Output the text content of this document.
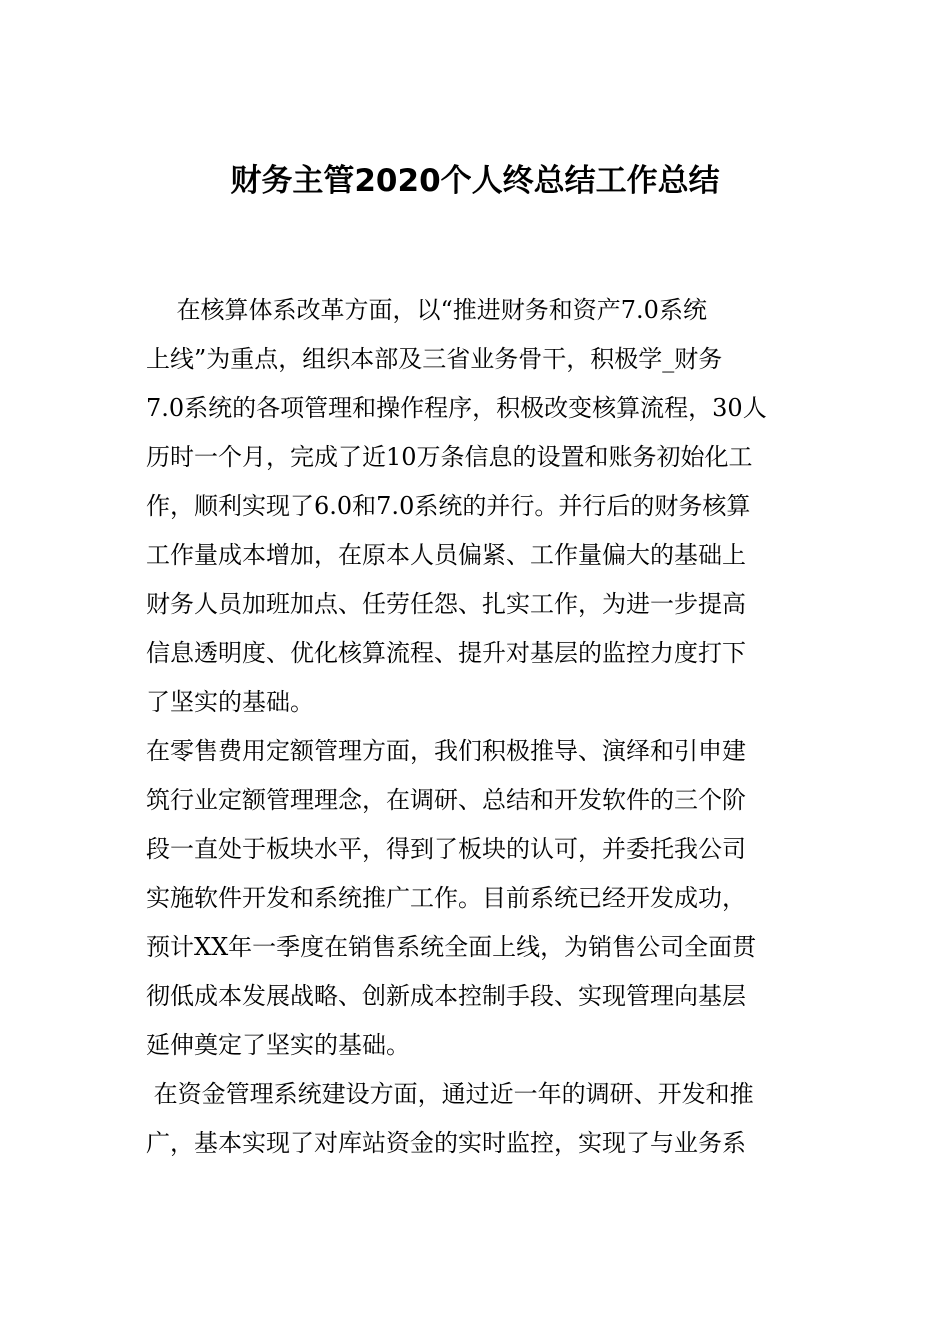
财务主管2020个人终总结工作总结
在核算体系改革方面，以“推进财务和资产7.0系统
上线”为重点，组织本部及三省业务骨干，积极学_财务
7.0系统的各项管理和操作程序，积极改变核算流程，30人
历时一个月，完成了近10万条信息的设置和账务初始化工
作，顺利实现了6.0和7.0系统的并行。并行后的财务核算
工作量成本增加，在原本人员偏紧、工作量偏大的基础上
财务人员加班加点、任劳任怨、扎实工作，为进一步提高
信息透明度、优化核算流程、提升对基层的监控力度打下
了坚实的基础。
在零售费用定额管理方面，我们积极推导、演绎和引申建
筑行业定额管理理念，在调研、总结和开发软件的三个阶
段一直处于板块水平，得到了板块的认可，并委托我公司
实施软件开发和系统推广工作。目前系统已经开发成功，
预计XX年一季度在销售系统全面上线，为销售公司全面贯
彻低成本发展战略、创新成本控制手段、实现管理向基层
延伸奠定了坚实的基础。
在资金管理系统建设方面，通过近一年的调研、开发和推
广，基本实现了对库站资金的实时监控，实现了与业务系
